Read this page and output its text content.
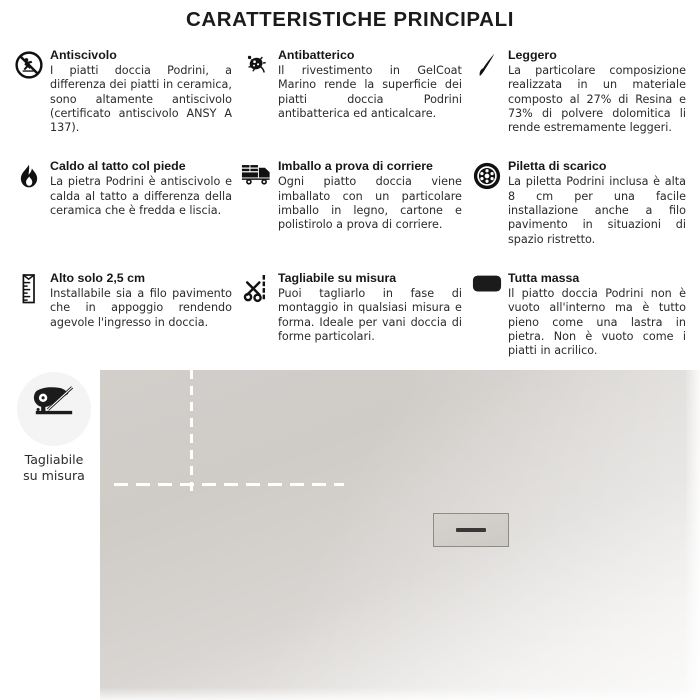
CARATTERISTICHE PRINCIPALI
Antiscivolo
I piatti doccia Podrini, a differenza dei piatti in ceramica, sono altamente antiscivolo (certificato antiscivolo ANSY A 137).
Antibatterico
Il rivestimento in GelCoat Marino rende la superficie dei piatti doccia Podrini antibatterica ed anticalcare.
Leggero
La particolare composizione realizzata in un materiale composto al 27% di Resina e 73% di polvere dolomitica li rende estremamente leggeri.
Caldo al tatto col piede
La pietra Podrini è antiscivolo e calda al tatto a differenza della ceramica che è fredda e liscia.
Imballo a prova di corriere
Ogni piatto doccia viene imballato con un particolare imballo in legno, cartone e polistirolo a prova di corriere.
Piletta di scarico
La piletta Podrini inclusa è alta 8 cm per una facile installazione anche a filo pavimento in situazioni di spazio ristretto.
Alto solo 2,5 cm
Installabile sia a filo pavimento che in appoggio rendendo agevole l'ingresso in doccia.
Tagliabile su misura
Puoi tagliarlo in fase di montaggio in qualsiasi misura e forma. Ideale per vani doccia di forme particolari.
Tutta massa
Il piatto doccia Podrini non è vuoto all'interno ma è tutto pieno come una lastra in pietra. Non è vuoto come i piatti in acrilico.
Tagliabile
su misura
